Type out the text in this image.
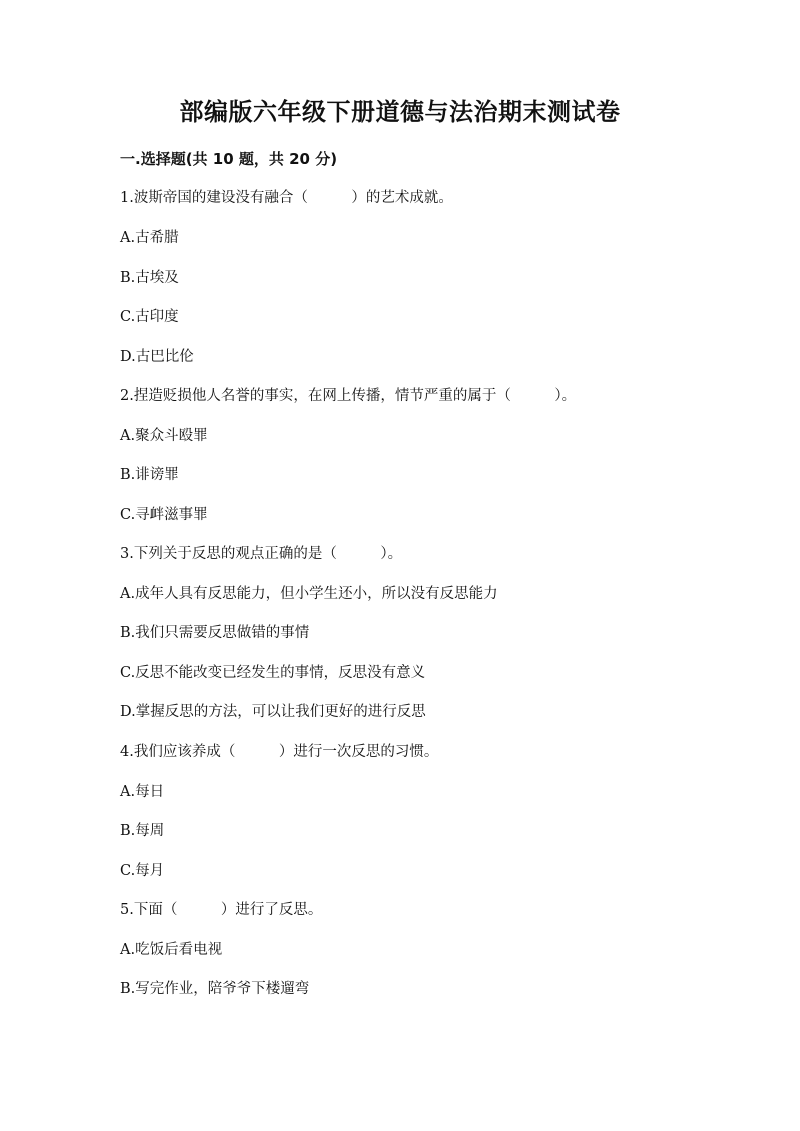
部编版六年级下册道德与法治期末测试卷
一.选择题(共 10 题，共 20 分)
1.波斯帝国的建设没有融合（　　　）的艺术成就。
A.古希腊
B.古埃及
C.古印度
D.古巴比伦
2.捏造贬损他人名誉的事实，在网上传播，情节严重的属于（　　　）。
A.聚众斗殴罪
B.诽谤罪
C.寻衅滋事罪
3.下列关于反思的观点正确的是（　　　）。
A.成年人具有反思能力，但小学生还小，所以没有反思能力
B.我们只需要反思做错的事情
C.反思不能改变已经发生的事情，反思没有意义
D.掌握反思的方法，可以让我们更好的进行反思
4.我们应该养成（　　　）进行一次反思的习惯。
A.每日
B.每周
C.每月
5.下面（　　　）进行了反思。
A.吃饭后看电视
B.写完作业，陪爷爷下楼遛弯
